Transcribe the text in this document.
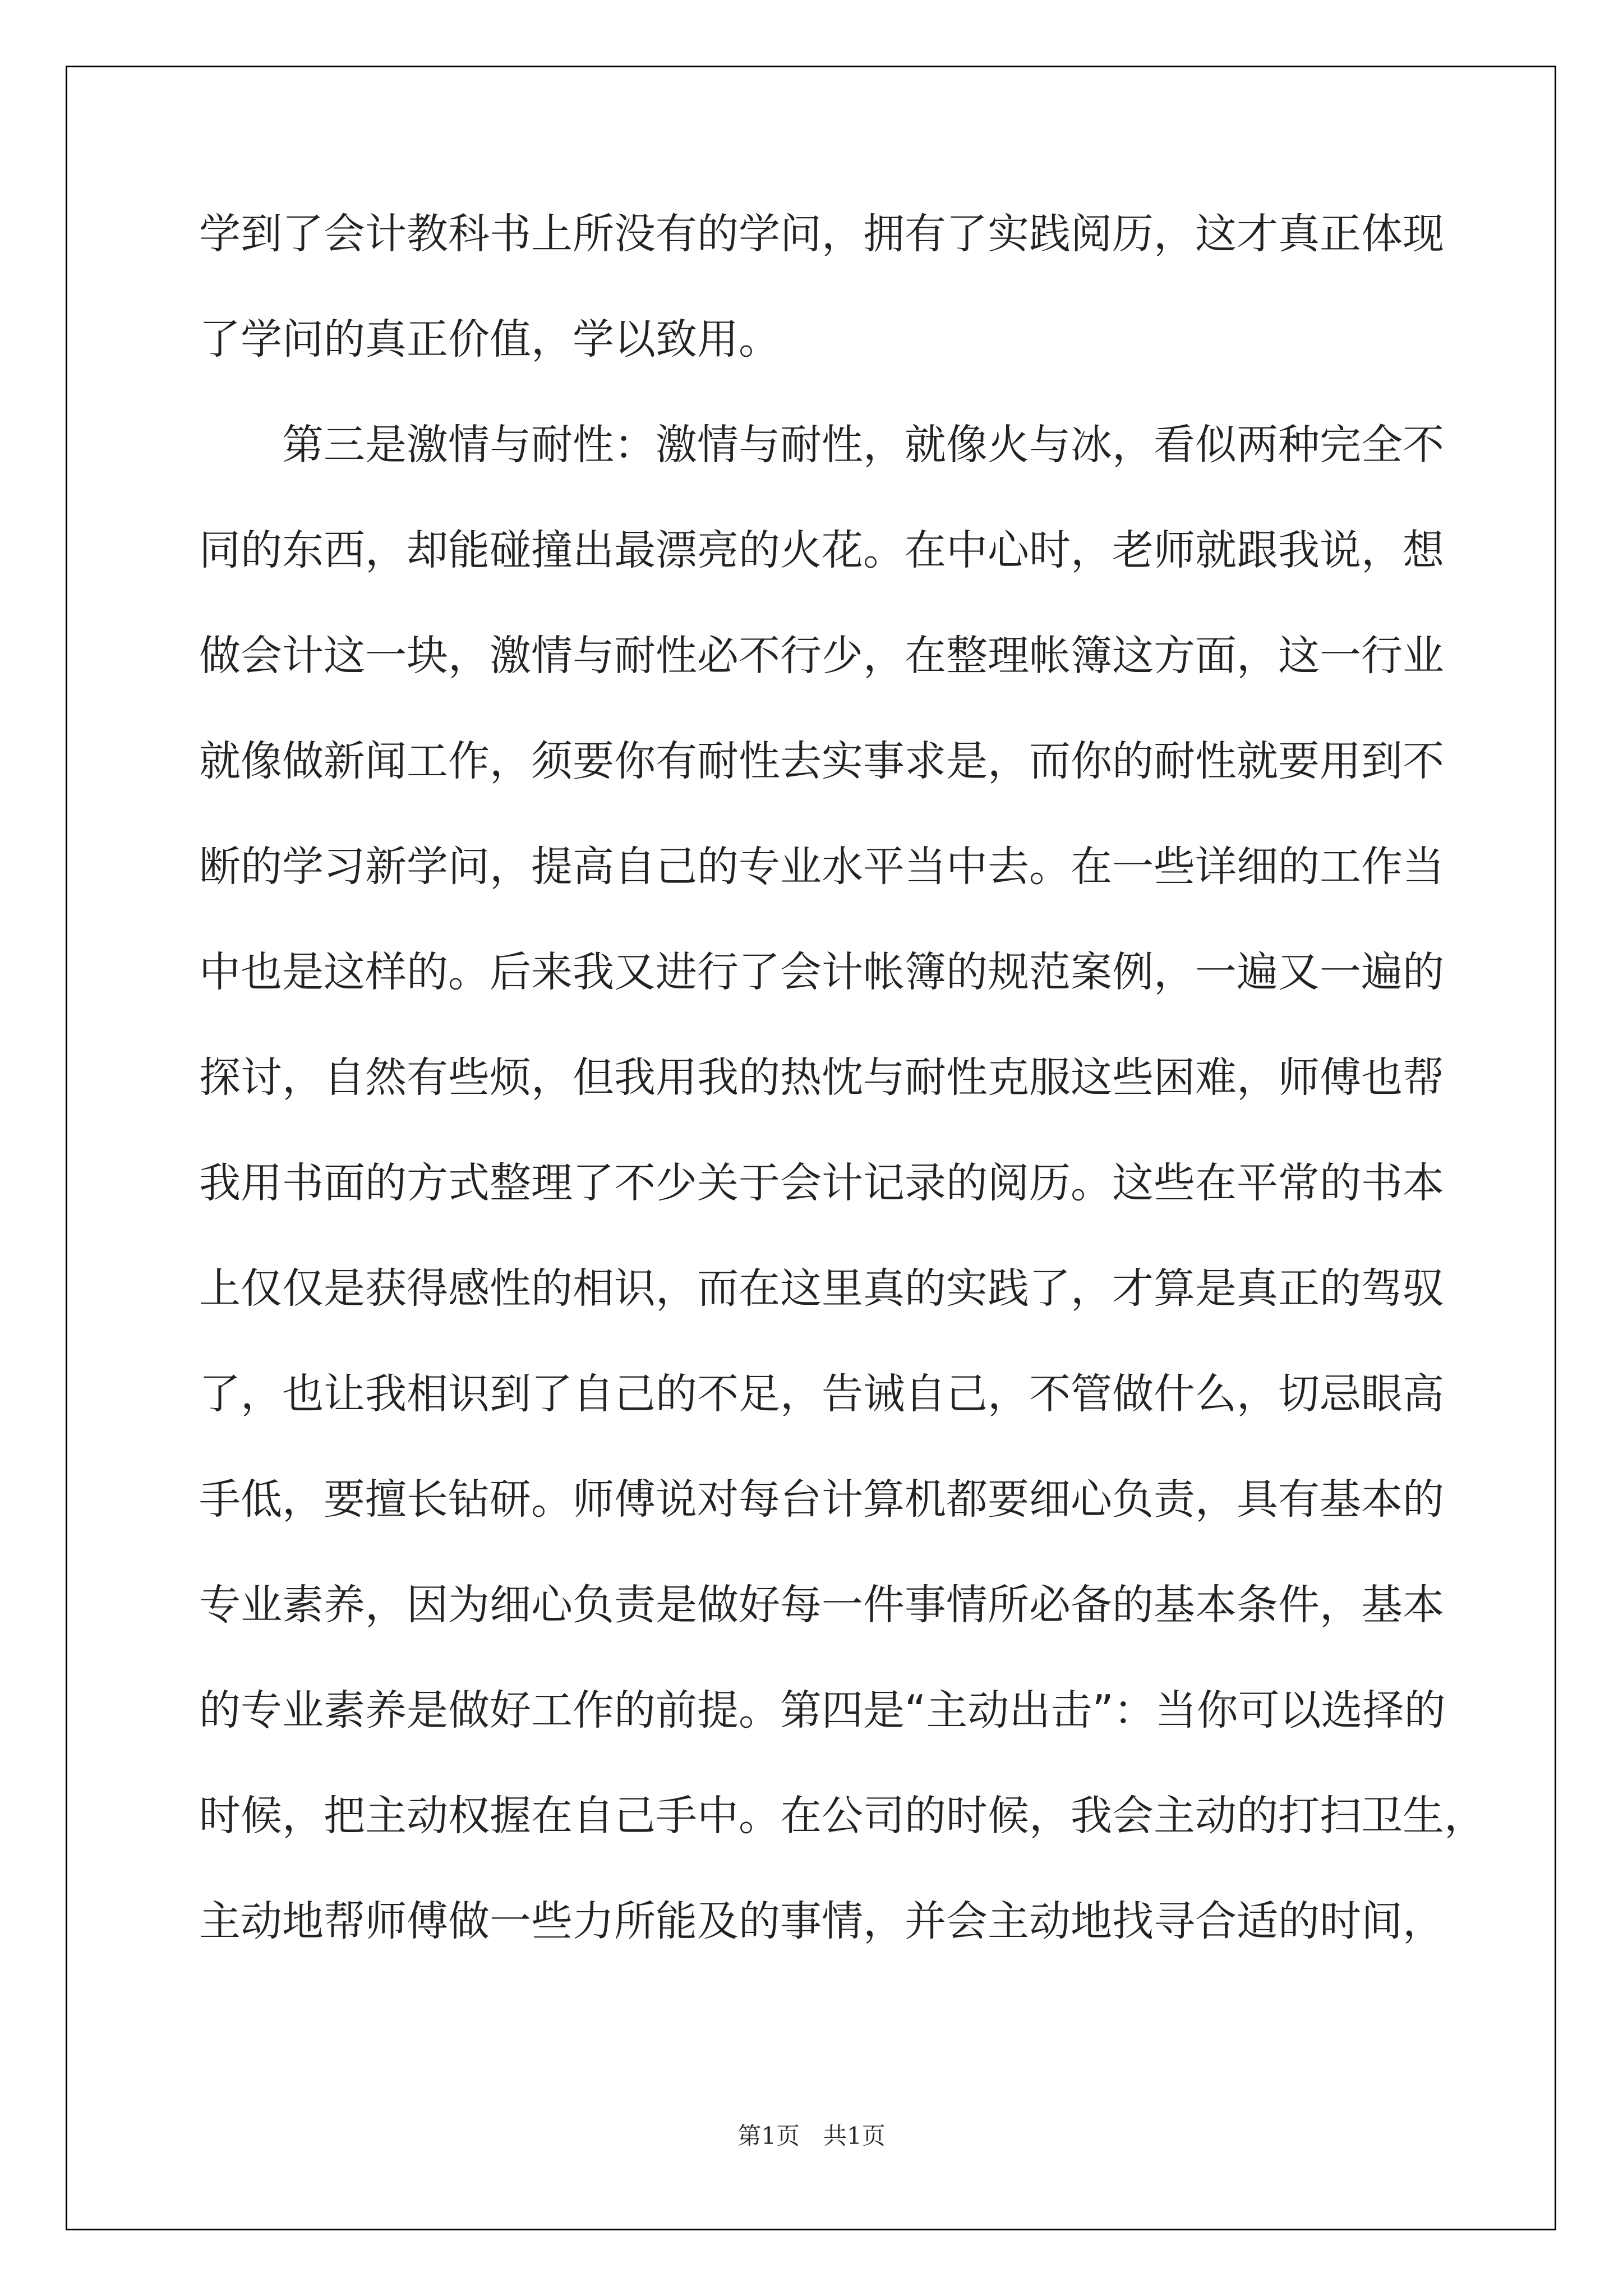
学到了会计教科书上所没有的学问，拥有了实践阅历，这才真正体现
了学问的真正价值，学以致用。
第三是激情与耐性：激情与耐性，就像火与冰，看似两种完全不
同的东西，却能碰撞出最漂亮的火花。在中心时，老师就跟我说，想
做会计这一块，激情与耐性必不行少，在整理帐簿这方面，这一行业
就像做新闻工作，须要你有耐性去实事求是，而你的耐性就要用到不
断的学习新学问，提高自己的专业水平当中去。在一些详细的工作当
中也是这样的。后来我又进行了会计帐簿的规范案例，一遍又一遍的
探讨，自然有些烦，但我用我的热忱与耐性克服这些困难，师傅也帮
我用书面的方式整理了不少关于会计记录的阅历。这些在平常的书本
上仅仅是获得感性的相识，而在这里真的实践了，才算是真正的驾驭
了，也让我相识到了自己的不足，告诫自己，不管做什么，切忌眼高
手低，要擅长钻研。师傅说对每台计算机都要细心负责，具有基本的
专业素养，因为细心负责是做好每一件事情所必备的基本条件，基本
的专业素养是做好工作的前提。第四是“主动出击”：当你可以选择的
时候，把主动权握在自己手中。在公司的时候，我会主动的打扫卫生，
主动地帮师傅做一些力所能及的事情，并会主动地找寻合适的时间，
第1页　共1页
